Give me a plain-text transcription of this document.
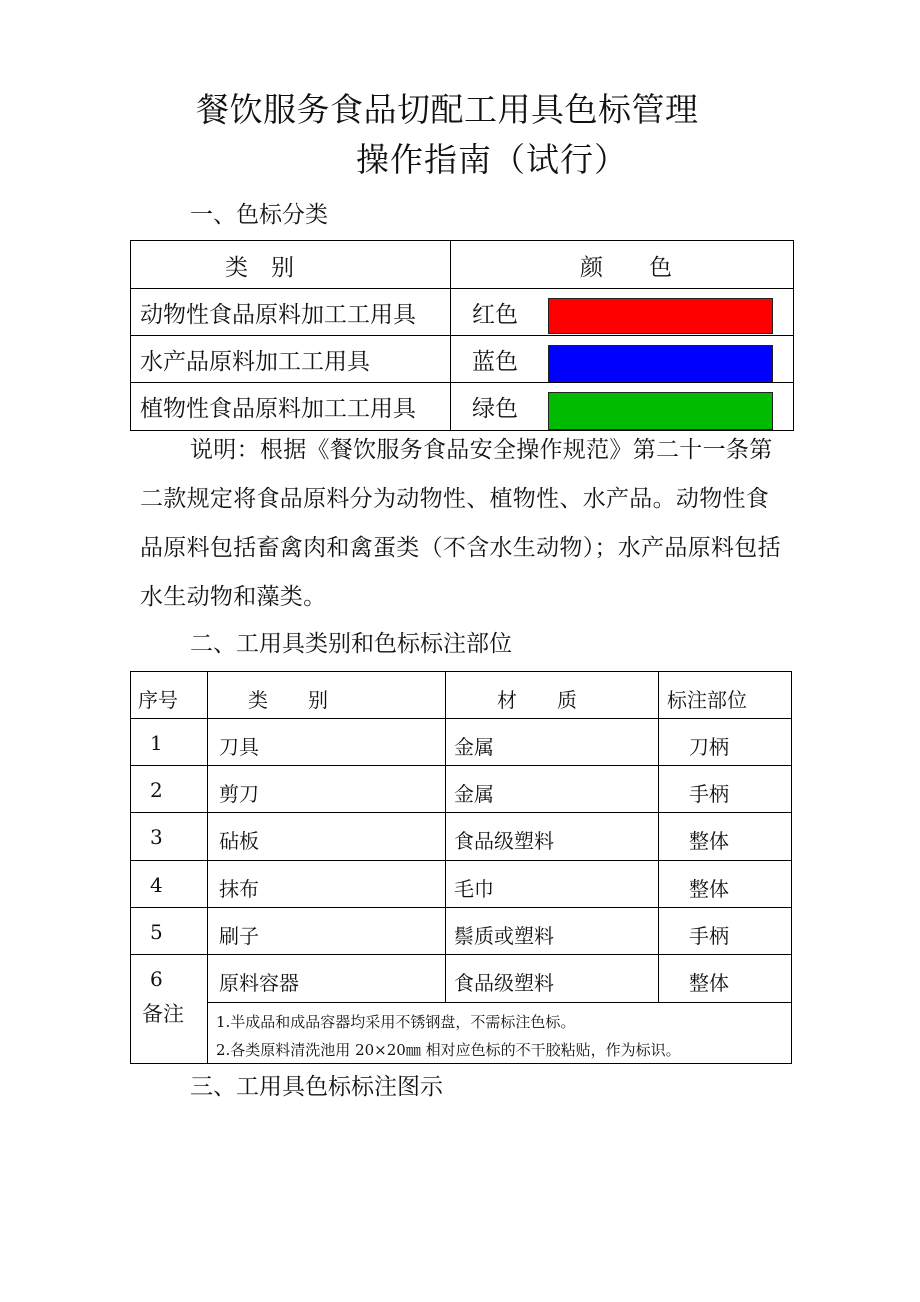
餐饮服务食品切配工用具色标管理
操作指南（试行）
一、色标分类
类　别	颜　　色
动物性食品原料加工工用具 红色
水产品原料加工工用具	蓝色
植物性食品原料加工工用具 绿色

说明：根据《餐饮服务食品安全操作规范》第二十一条第二款规定将食品原料分为动物性、植物性、水产品。动物性食品原料包括畜禽肉和禽蛋类（不含水生动物）；水产品原料包括水生动物和藻类。

二、工用具类别和色标标注部位
序号	类　　别	材　　质	标注部位
1	刀具	金属	刀柄
2	剪刀	金属	手柄
3	砧板	食品级塑料	整体
4	抹布	毛巾	整体
5	刷子	鬃质或塑料	手柄
6	原料容器	食品级塑料	整体
备注 1.半成品和成品容器均采用不锈钢盘，不需标注色标。
2.各类原料清洗池用 20×20㎜ 相对应色标的不干胶粘贴，作为标识。
三、工用具色标标注图示
